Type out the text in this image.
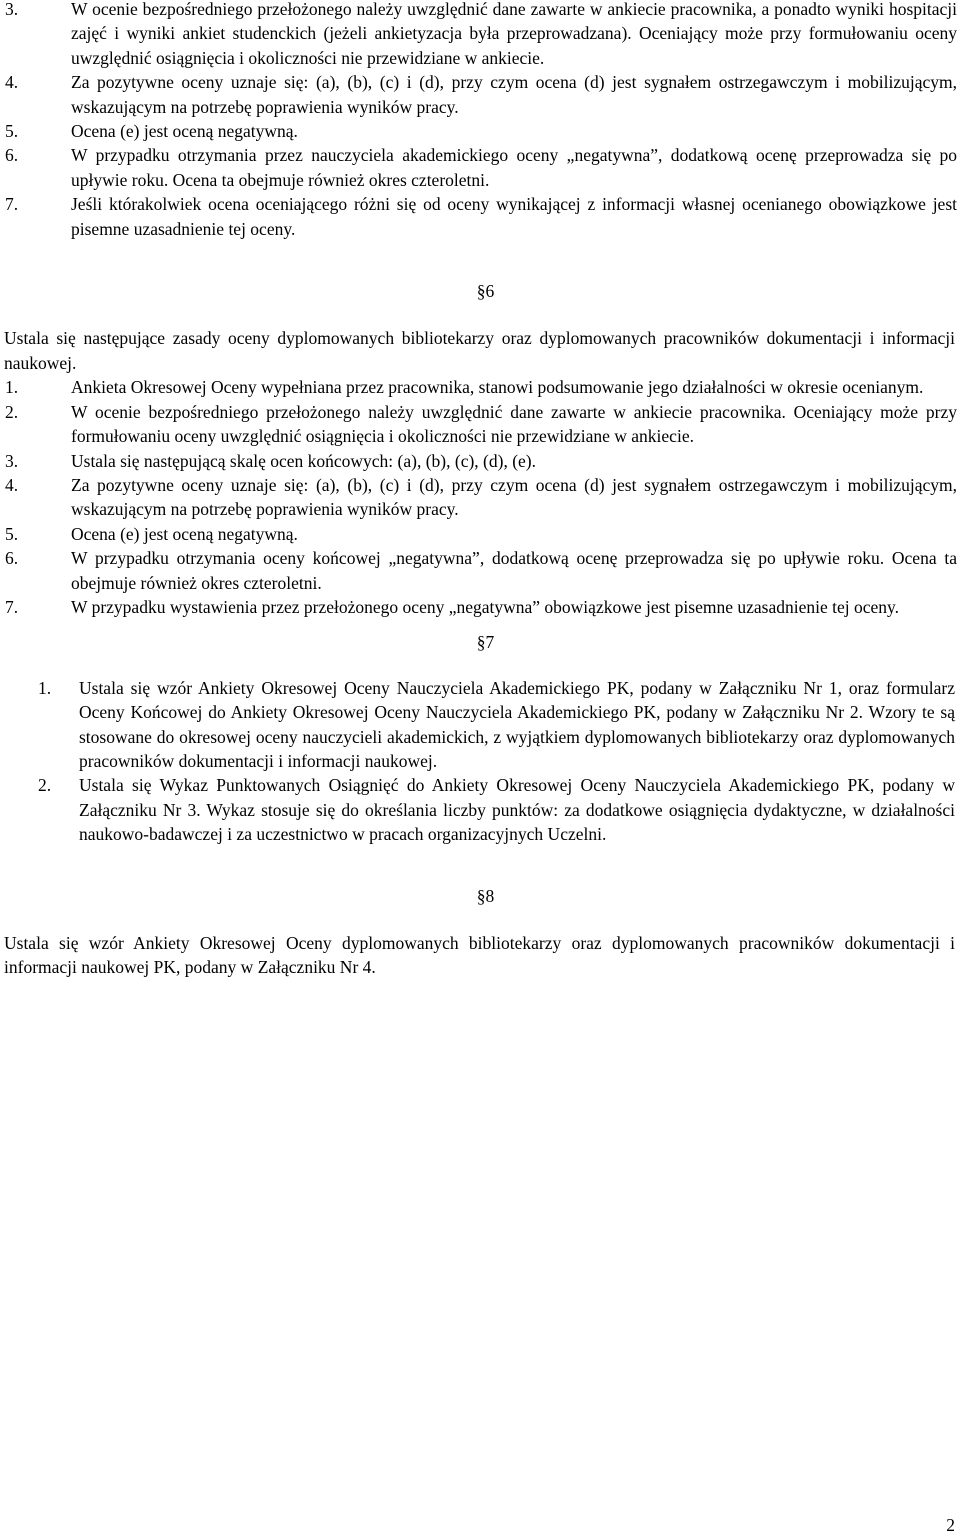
3.	W ocenie bezpośredniego przełożonego należy uwzględnić dane zawarte w ankiecie pracownika, a ponadto wyniki hospitacji zajęć i wyniki ankiet studenckich (jeżeli ankietyzacja była przeprowadzana). Oceniający może przy formułowaniu oceny uwzględnić osiągnięcia i okoliczności nie przewidziane w ankiecie.
4.	Za pozytywne oceny uznaje się: (a), (b), (c) i (d), przy czym ocena (d) jest sygnałem ostrzegawczym i mobilizującym, wskazującym na potrzebę poprawienia wyników pracy.
5.	Ocena (e) jest oceną negatywną.
6.	W przypadku otrzymania przez nauczyciela akademickiego oceny „negatywna”, dodatkową ocenę przeprowadza się po upływie roku. Ocena ta obejmuje również okres czteroletni.
7.	Jeśli którakolwiek ocena oceniającego różni się od oceny wynikającej z informacji własnej ocenianego obowiązkowe jest pisemne uzasadnienie tej oceny.
§6

Ustala się następujące zasady oceny dyplomowanych bibliotekarzy oraz dyplomowanych pracowników dokumentacji i informacji naukowej.

1.	Ankieta Okresowej Oceny wypełniana przez pracownika, stanowi podsumowanie jego działalności w okresie ocenianym.
2.	W ocenie bezpośredniego przełożonego należy uwzględnić dane zawarte w ankiecie pracownika. Oceniający może przy formułowaniu oceny uwzględnić osiągnięcia i okoliczności nie przewidziane w ankiecie.
3.	Ustala się następującą skalę ocen końcowych: (a), (b), (c), (d), (e).
4.	Za pozytywne oceny uznaje się: (a), (b), (c) i (d), przy czym ocena (d) jest sygnałem ostrzegawczym i mobilizującym, wskazującym na potrzebę poprawienia wyników pracy.
5.	Ocena (e) jest oceną negatywną.
6.	W przypadku otrzymania oceny końcowej „negatywna”, dodatkową ocenę przeprowadza się po upływie roku. Ocena ta obejmuje również okres czteroletni.
7.	W przypadku wystawienia przez przełożonego oceny „negatywna” obowiązkowe jest pisemne uzasadnienie tej oceny.
§7
1. Ustala się wzór Ankiety Okresowej Oceny Nauczyciela Akademickiego PK, podany w Załączniku Nr 1, oraz formularz Oceny Końcowej do Ankiety Okresowej Oceny Nauczyciela Akademickiego PK, podany w Załączniku Nr 2. Wzory te są stosowane do okresowej oceny nauczycieli akademickich, z wyjątkiem dyplomowanych bibliotekarzy oraz dyplomowanych pracowników dokumentacji i informacji naukowej.
2. Ustala się Wykaz Punktowanych Osiągnięć do Ankiety Okresowej Oceny Nauczyciela Akademickiego PK, podany w Załączniku Nr 3. Wykaz stosuje się do określania liczby punktów: za dodatkowe osiągnięcia dydaktyczne, w działalności naukowo-badawczej i za uczestnictwo w pracach organizacyjnych Uczelni.
§8

Ustala się wzór Ankiety Okresowej Oceny dyplomowanych bibliotekarzy oraz dyplomowanych pracowników dokumentacji i informacji naukowej PK, podany w Załączniku Nr 4.

2
